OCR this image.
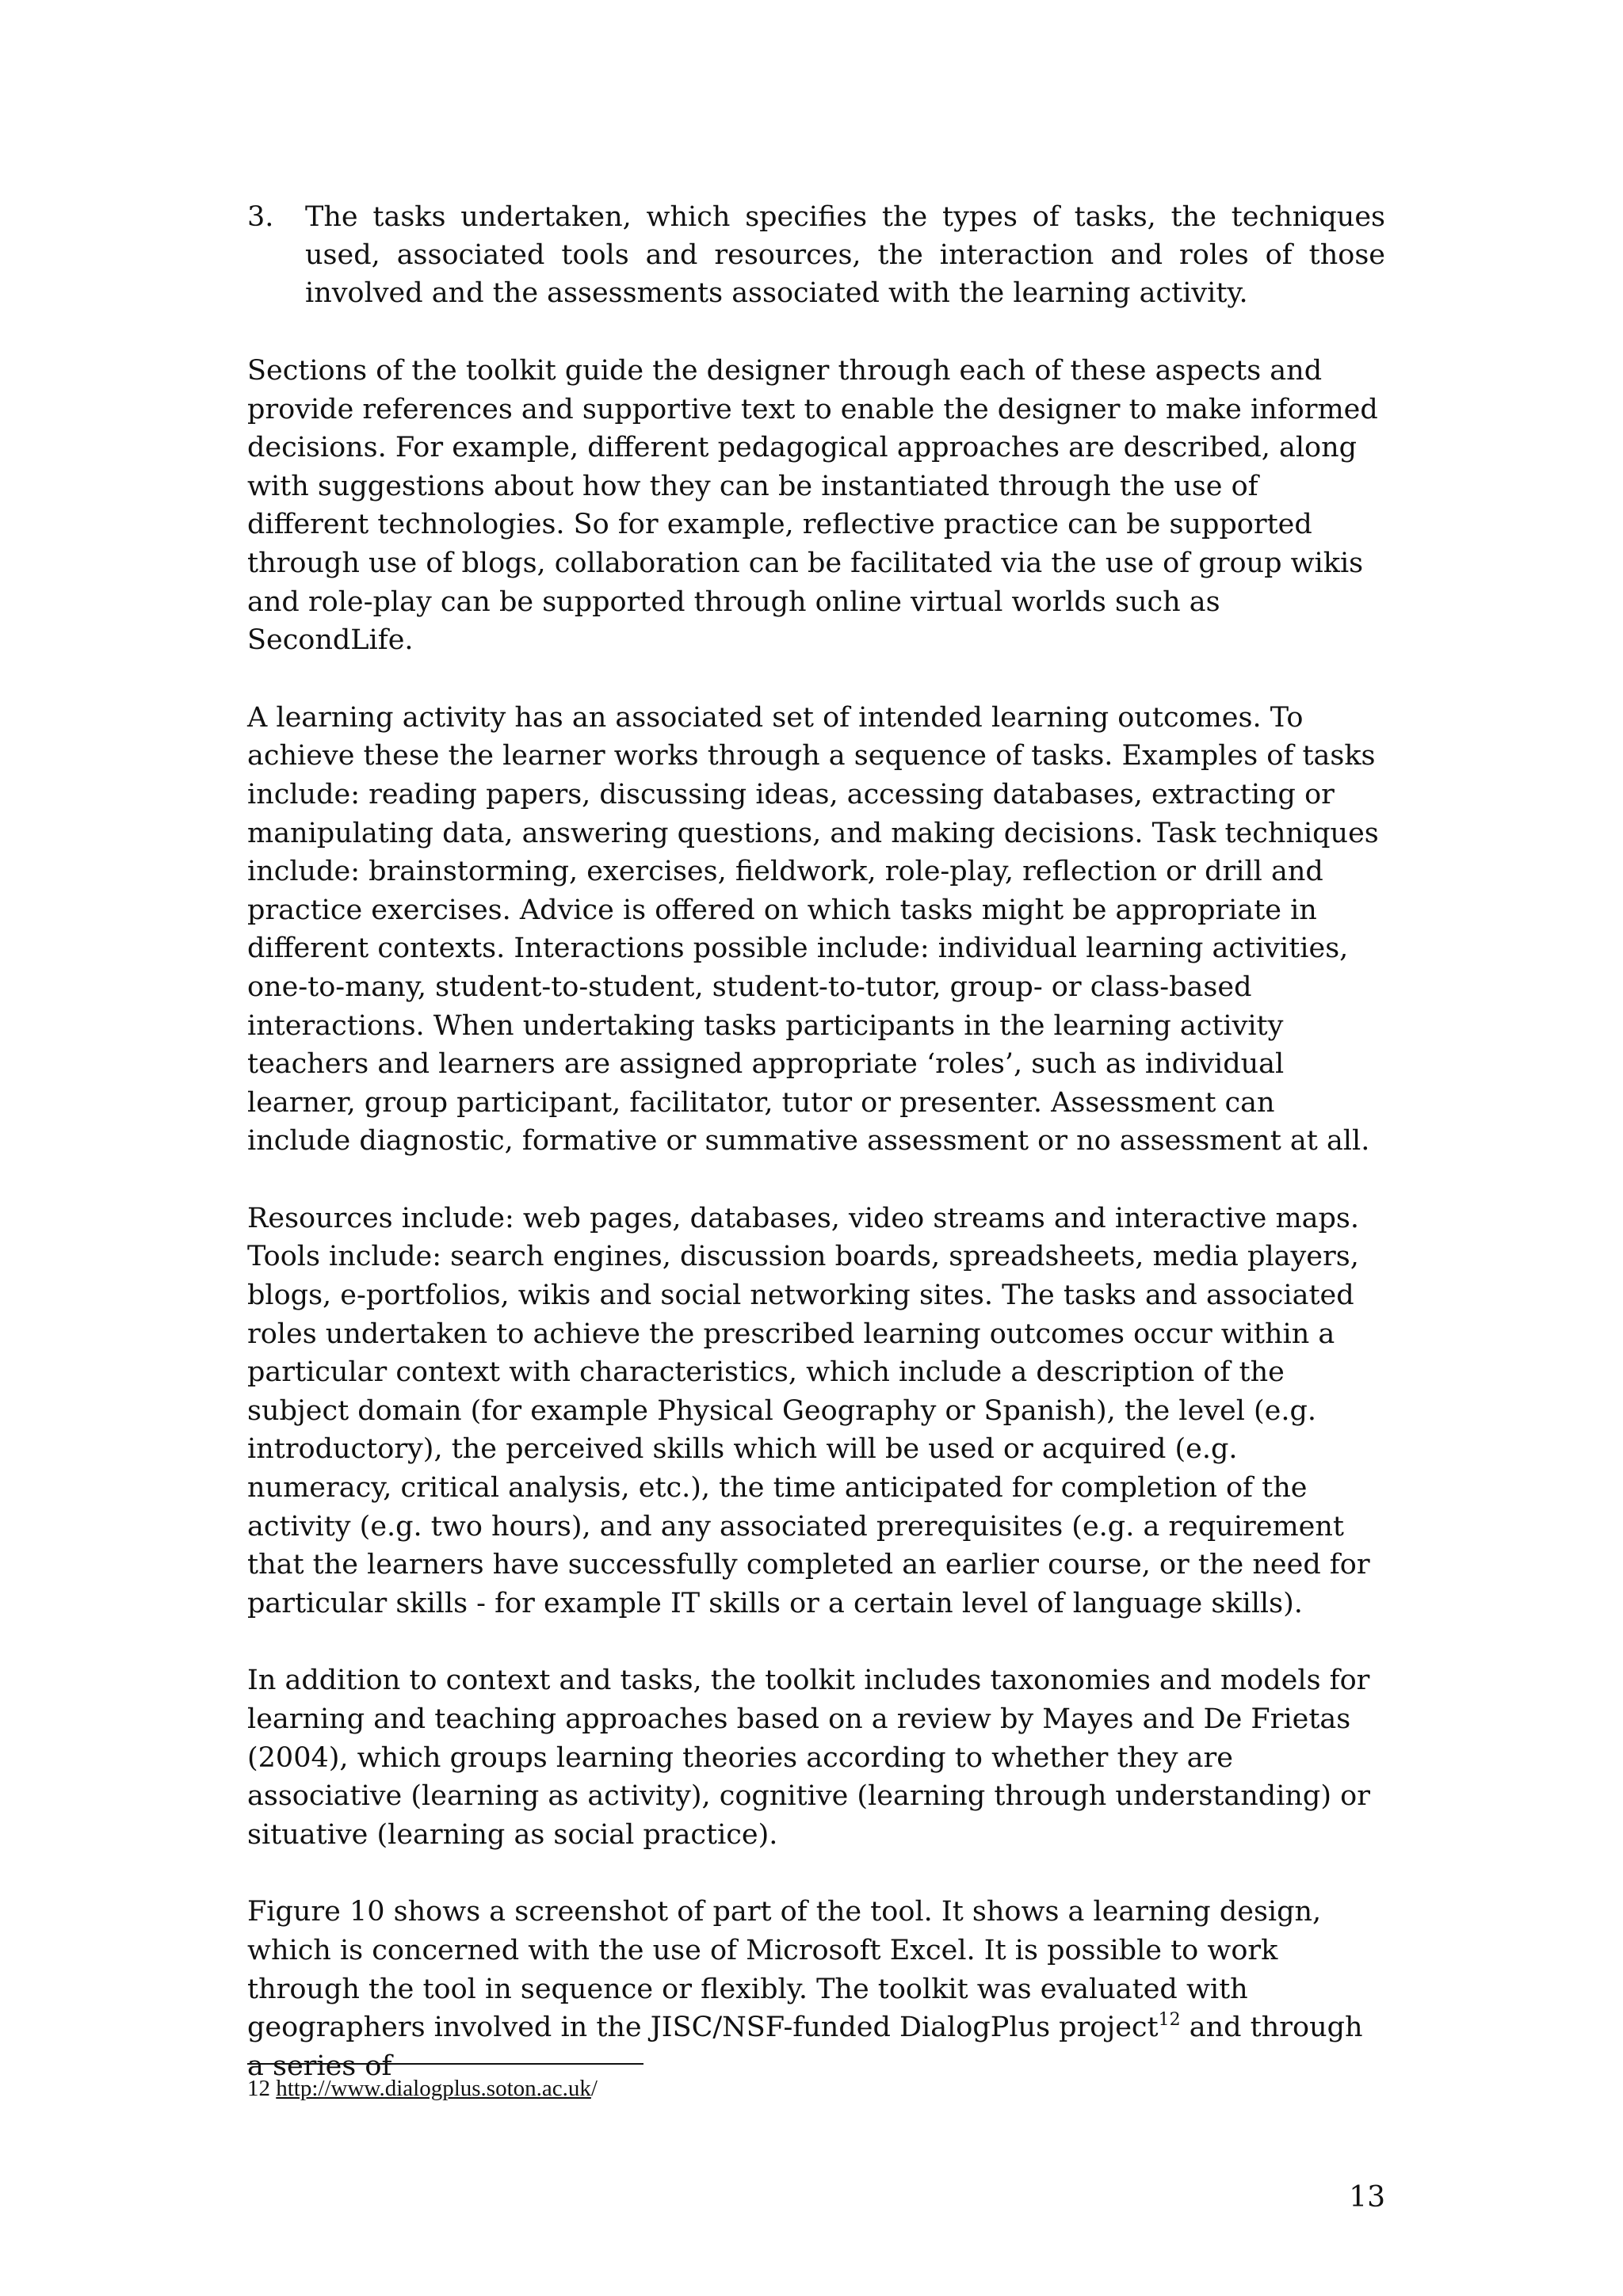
3. The tasks undertaken, which specifies the types of tasks, the techniques used, associated tools and resources, the interaction and roles of those involved and the assessments associated with the learning activity.

Sections of the toolkit guide the designer through each of these aspects and provide references and supportive text to enable the designer to make informed decisions. For example, different pedagogical approaches are described, along with suggestions about how they can be instantiated through the use of different technologies. So for example, reflective practice can be supported through use of blogs, collaboration can be facilitated via the use of group wikis and role-play can be supported through online virtual worlds such as SecondLife.

A learning activity has an associated set of intended learning outcomes. To achieve these the learner works through a sequence of tasks. Examples of tasks include: reading papers, discussing ideas, accessing databases, extracting or manipulating data, answering questions, and making decisions. Task techniques include: brainstorming, exercises, fieldwork, role-play, reflection or drill and practice exercises. Advice is offered on which tasks might be appropriate in different contexts. Interactions possible include: individual learning activities, one-to-many, student-to-student, student-to-tutor, group- or class-based interactions. When undertaking tasks participants in the learning activity teachers and learners are assigned appropriate ‘roles’, such as individual learner, group participant, facilitator, tutor or presenter. Assessment can include diagnostic, formative or summative assessment or no assessment at all.

Resources include: web pages, databases, video streams and interactive maps. Tools include: search engines, discussion boards, spreadsheets, media players, blogs, e-portfolios, wikis and social networking sites. The tasks and associated roles undertaken to achieve the prescribed learning outcomes occur within a particular context with characteristics, which include a description of the subject domain (for example Physical Geography or Spanish), the level (e.g. introductory), the perceived skills which will be used or acquired (e.g. numeracy, critical analysis, etc.), the time anticipated for completion of the activity (e.g. two hours), and any associated prerequisites (e.g. a requirement that the learners have successfully completed an earlier course, or the need for particular skills - for example IT skills or a certain level of language skills).

In addition to context and tasks, the toolkit includes taxonomies and models for learning and teaching approaches based on a review by Mayes and De Frietas (2004), which groups learning theories according to whether they are associative (learning as activity), cognitive (learning through understanding) or situative (learning as social practice).

Figure 10 shows a screenshot of part of the tool. It shows a learning design, which is concerned with the use of Microsoft Excel. It is possible to work through the tool in sequence or flexibly. The toolkit was evaluated with geographers involved in the JISC/NSF-funded DialogPlus project$^{12}$ and through a series of

12 http://www.dialogplus.soton.ac.uk/
13
